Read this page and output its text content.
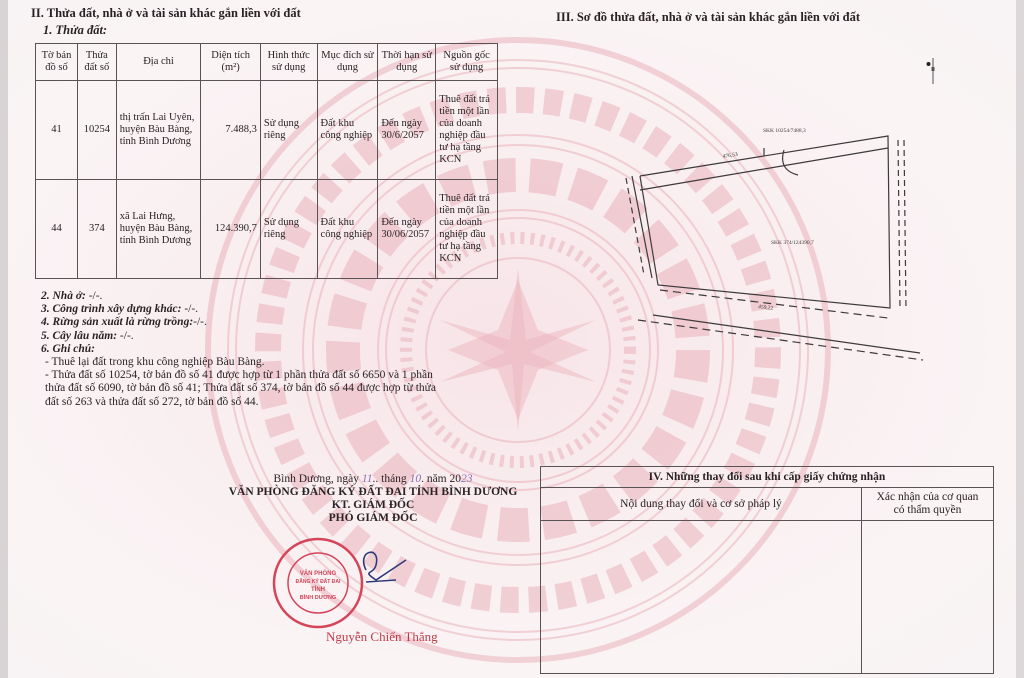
II. Thửa đất, nhà ở và tài sản khác gắn liền với đất
1. Thửa đất:
Tờ bản đồ số	Thửa đất số	Địa chỉ	Diện tích (m²)	Hình thức sử dụng	Mục đích sử dụng	Thời hạn sử dụng	Nguồn gốc sử dụng
41	10254	thị trấn Lai Uyên, huyện Bàu Bàng, tỉnh Bình Dương	7.488,3	Sử dụng riêng	Đất khu công nghiệp	Đến ngày 30/6/2057	Thuê đất trả tiền một lần của doanh nghiệp đầu tư hạ tầng KCN
44	374	xã Lai Hưng, huyện Bàu Bàng, tỉnh Bình Dương	124.390,7	Sử dụng riêng	Đất khu công nghiệp	Đến ngày 30/06/2057	Thuê đất trả tiền một lần của doanh nghiệp đầu tư hạ tầng KCN
2. Nhà ở: -/-.
3. Công trình xây dựng khác: -/-.
4. Rừng sản xuất là rừng trồng:-/-.
5. Cây lâu năm: -/-.
6. Ghi chú:
- Thuê lại đất trong khu công nghiệp Bàu Bàng.
- Thửa đất số 10254, tờ bản đồ số 41 được hợp từ 1 phần thửa đất số 6650 và 1 phần
thửa đất số 6090, tờ bản đồ số 41; Thửa đất số 374, tờ bản đồ số 44 được hợp từ thửa
đất số 263 và thửa đất số 272, tờ bản đồ số 44.
III. Sơ đồ thửa đất, nhà ở và tài sản khác gắn liền với đất
SKK 10254/7488,3
SKK 374/124390,7
476,53
459,22
Bình Dương, ngày 11.. tháng 10. năm 2023
VĂN PHÒNG ĐĂNG KÝ ĐẤT ĐAI TỈNH BÌNH DƯƠNG
KT. GIÁM ĐỐC
PHÓ GIÁM ĐỐC
VĂN PHÒNG
ĐĂNG KÝ ĐẤT ĐAI
TỈNH
BÌNH DƯƠNG
Nguyễn Chiến Thắng
IV. Những thay đổi sau khi cấp giấy chứng nhận	
Nội dung thay đổi và cơ sở pháp lý	Xác nhận của cơ quan
có thẩm quyền
